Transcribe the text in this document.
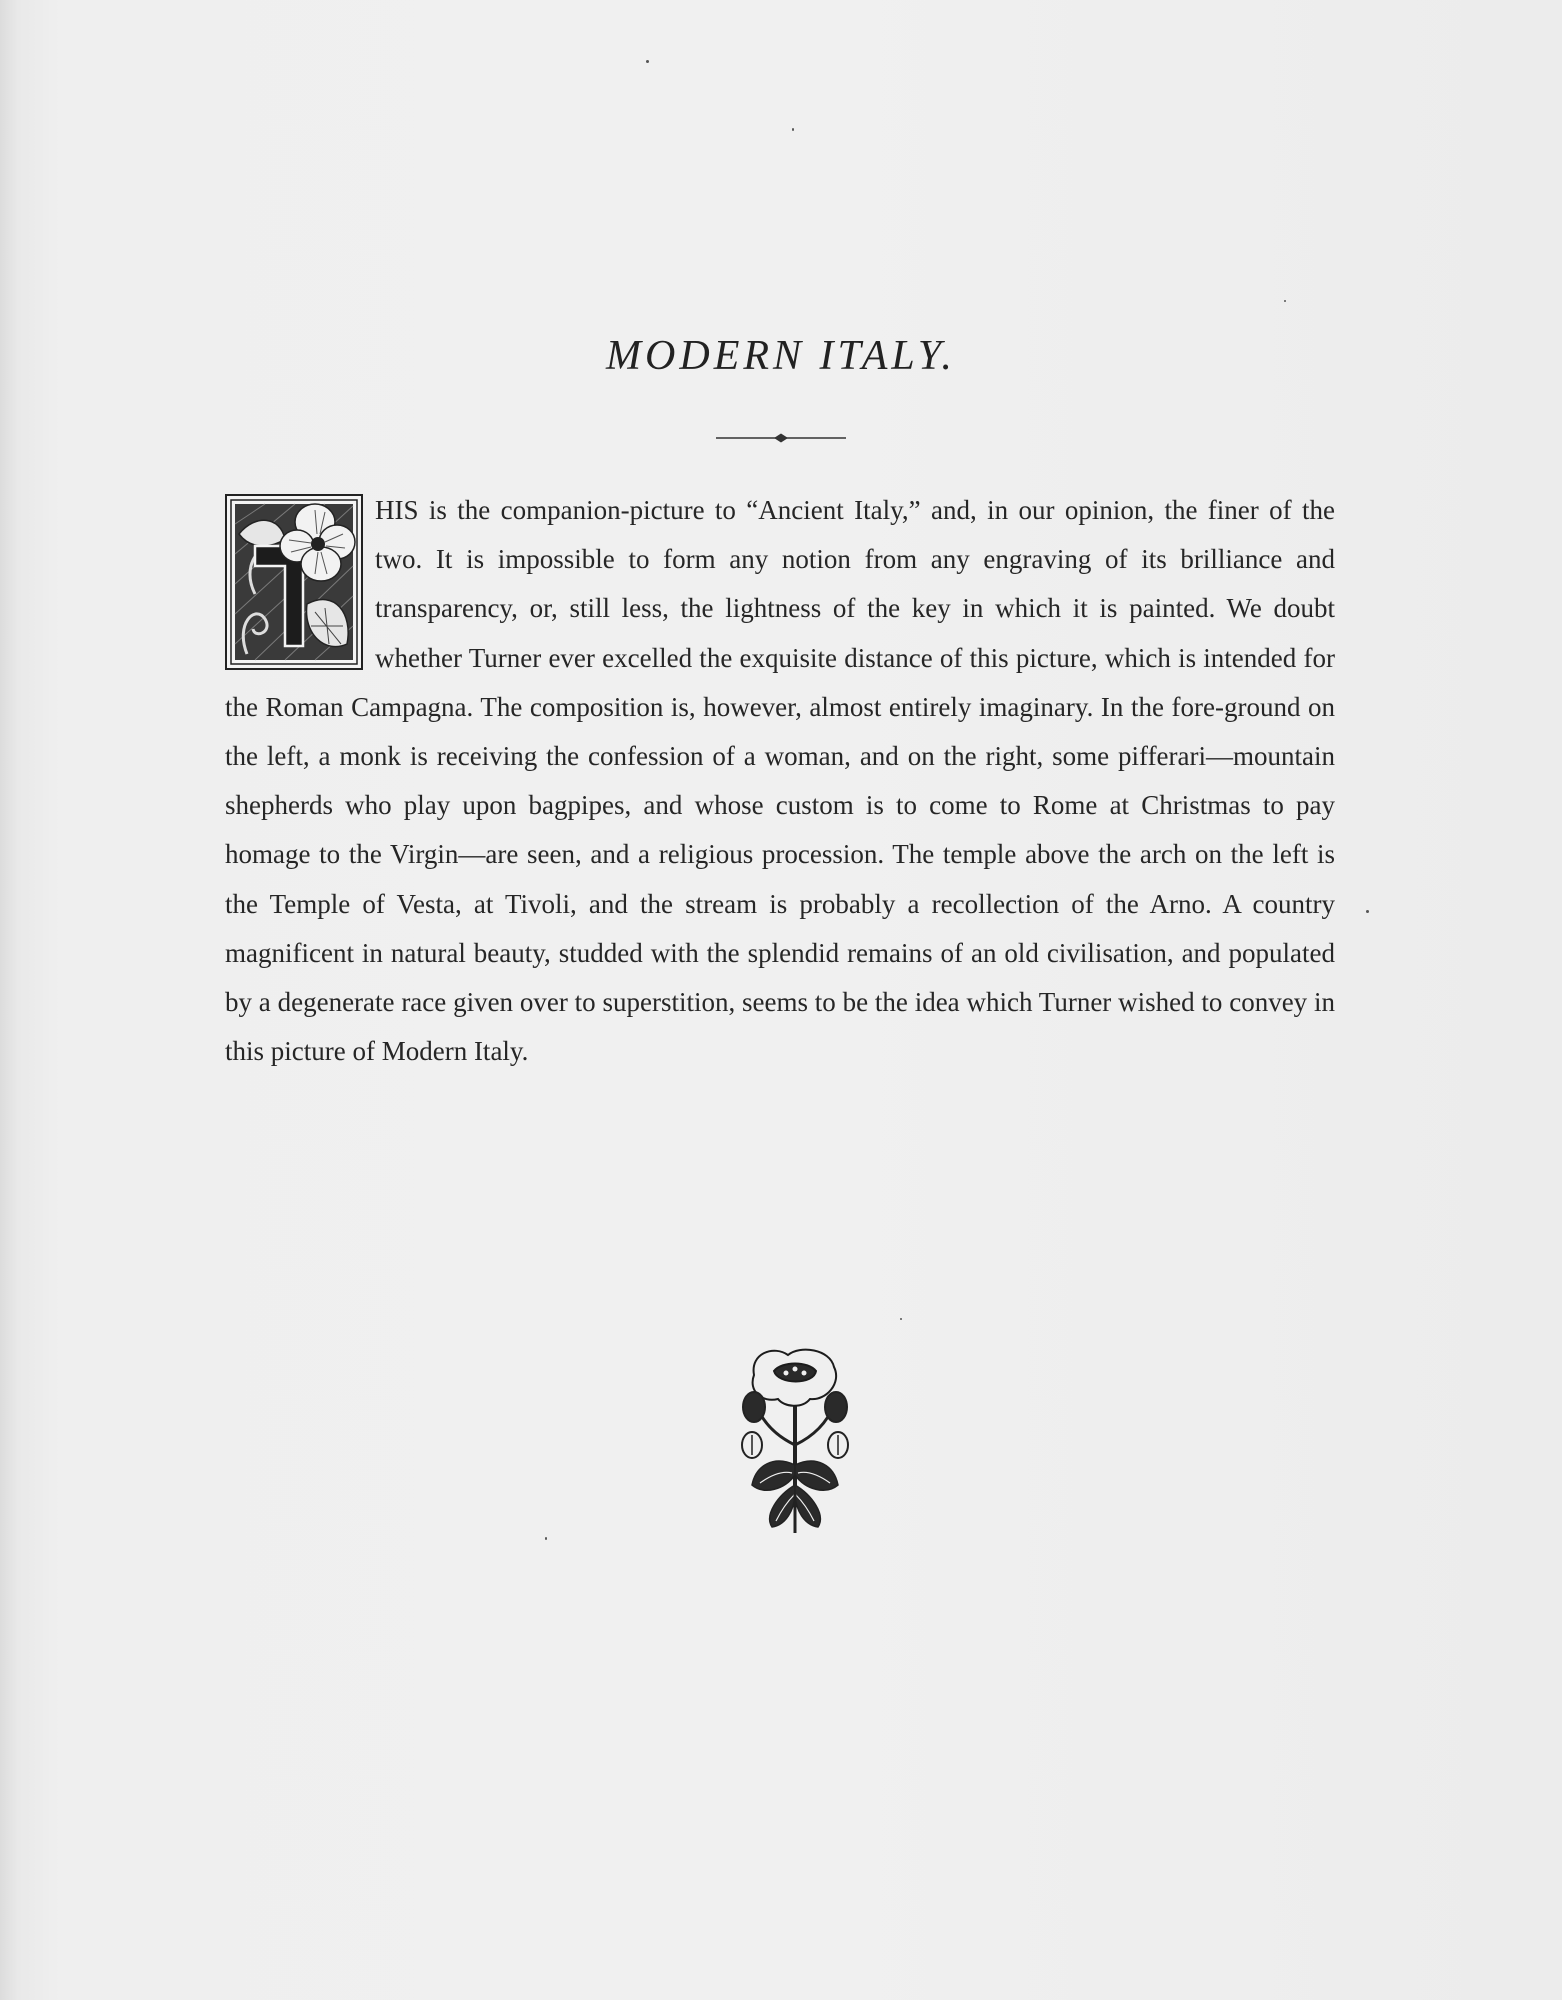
MODERN ITALY.

HIS is the companion-picture to “Ancient Italy,” and, in our opinion, the finer of the two. It is impossible to form any notion from any engraving of its brilliance and transparency, or, still less, the lightness of the key in which it is painted. We doubt whether Turner ever excelled the exquisite distance of this picture, which is intended for the Roman Campagna. The composition is, however, almost entirely imaginary. In the fore-ground on the left, a monk is receiving the confession of a woman, and on the right, some pifferari—mountain shepherds who play upon bagpipes, and whose custom is to come to Rome at Christmas to pay homage to the Virgin—are seen, and a religious procession. The temple above the arch on the left is the Temple of Vesta, at Tivoli, and the stream is probably a recollection of the Arno. A country magnificent in natural beauty, studded with the splendid remains of an old civilisation, and populated by a degenerate race given over to superstition, seems to be the idea which Turner wished to convey in this picture of Modern Italy.
